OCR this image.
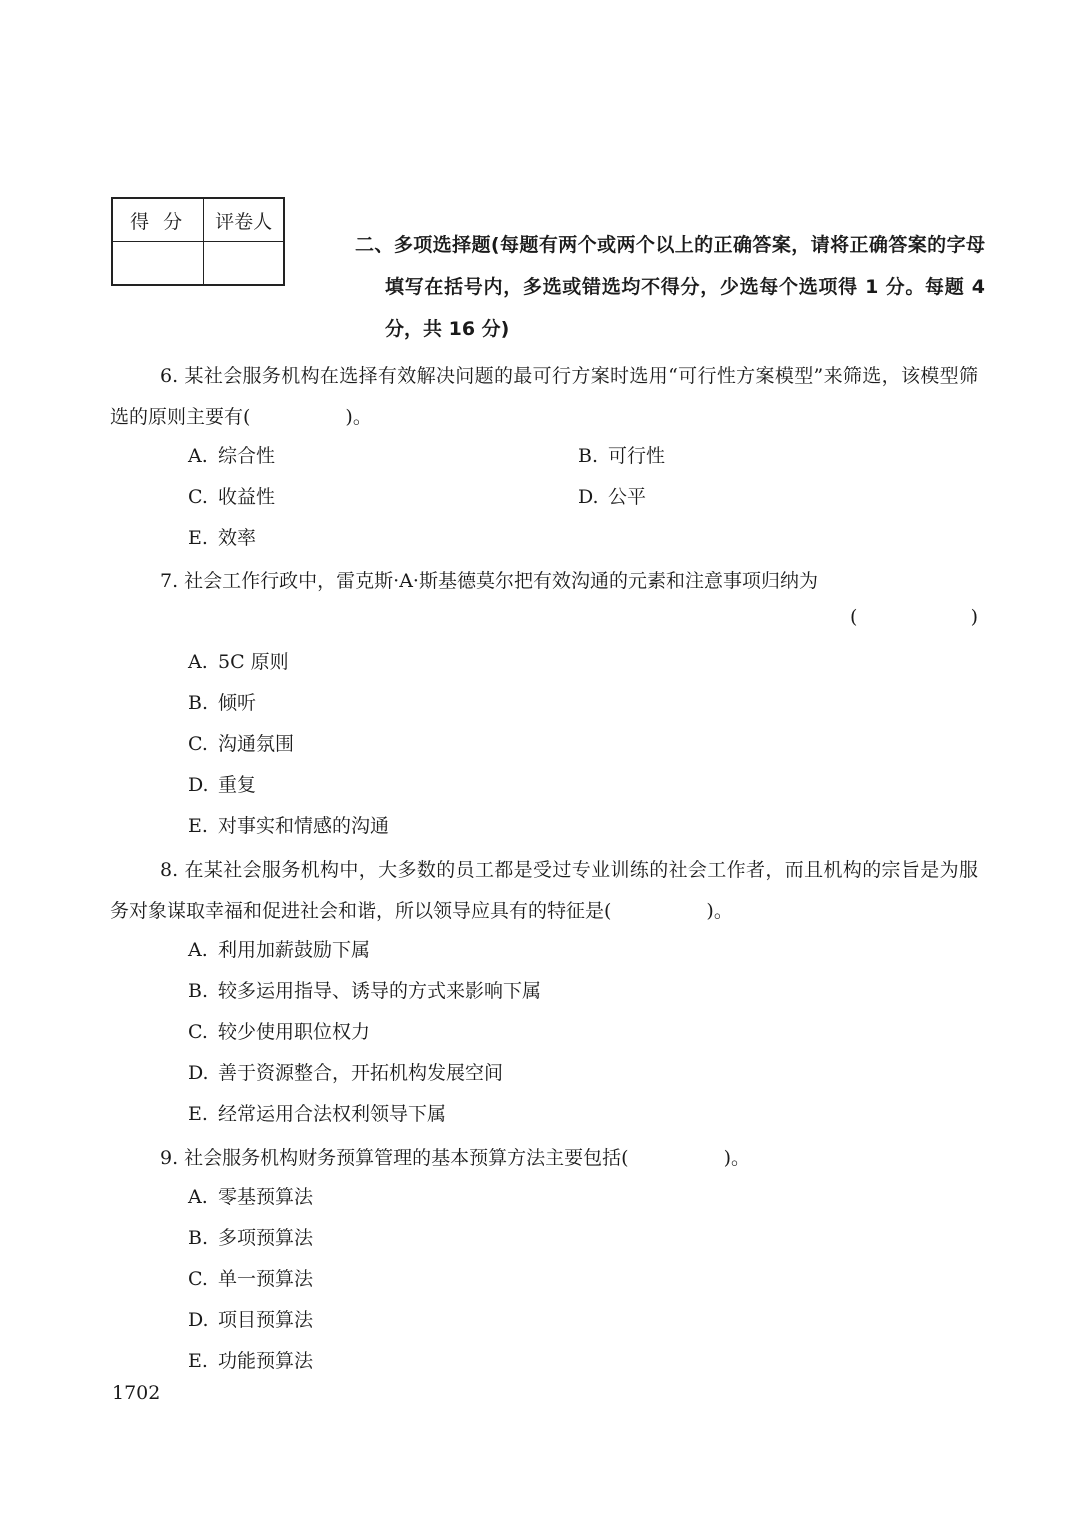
得分	评卷人

二、多项选择题(每题有两个或两个以上的正确答案，请将正确答案的字母填写在括号内，多选或错选均不得分，少选每个选项得 1 分。每题 4 分，共 16 分)
6. 某社会服务机构在选择有效解决问题的最可行方案时选用“可行性方案模型”来筛选，该模型筛选的原则主要有(　　　　　)。
A. 综合性	B. 可行性
C. 收益性	D. 公平
E. 效率
7. 社会工作行政中，雷克斯·A·斯基德莫尔把有效沟通的元素和注意事项归纳为
(	)
A. 5C 原则
B. 倾听
C. 沟通氛围
D. 重复
E. 对事实和情感的沟通
8. 在某社会服务机构中，大多数的员工都是受过专业训练的社会工作者，而且机构的宗旨是为服务对象谋取幸福和促进社会和谐，所以领导应具有的特征是(　　　　　)。
A. 利用加薪鼓励下属
B. 较多运用指导、诱导的方式来影响下属
C. 较少使用职位权力
D. 善于资源整合，开拓机构发展空间
E. 经常运用合法权利领导下属
9. 社会服务机构财务预算管理的基本预算方法主要包括(　　　　　)。
A. 零基预算法
B. 多项预算法
C. 单一预算法
D. 项目预算法
E. 功能预算法
1702
